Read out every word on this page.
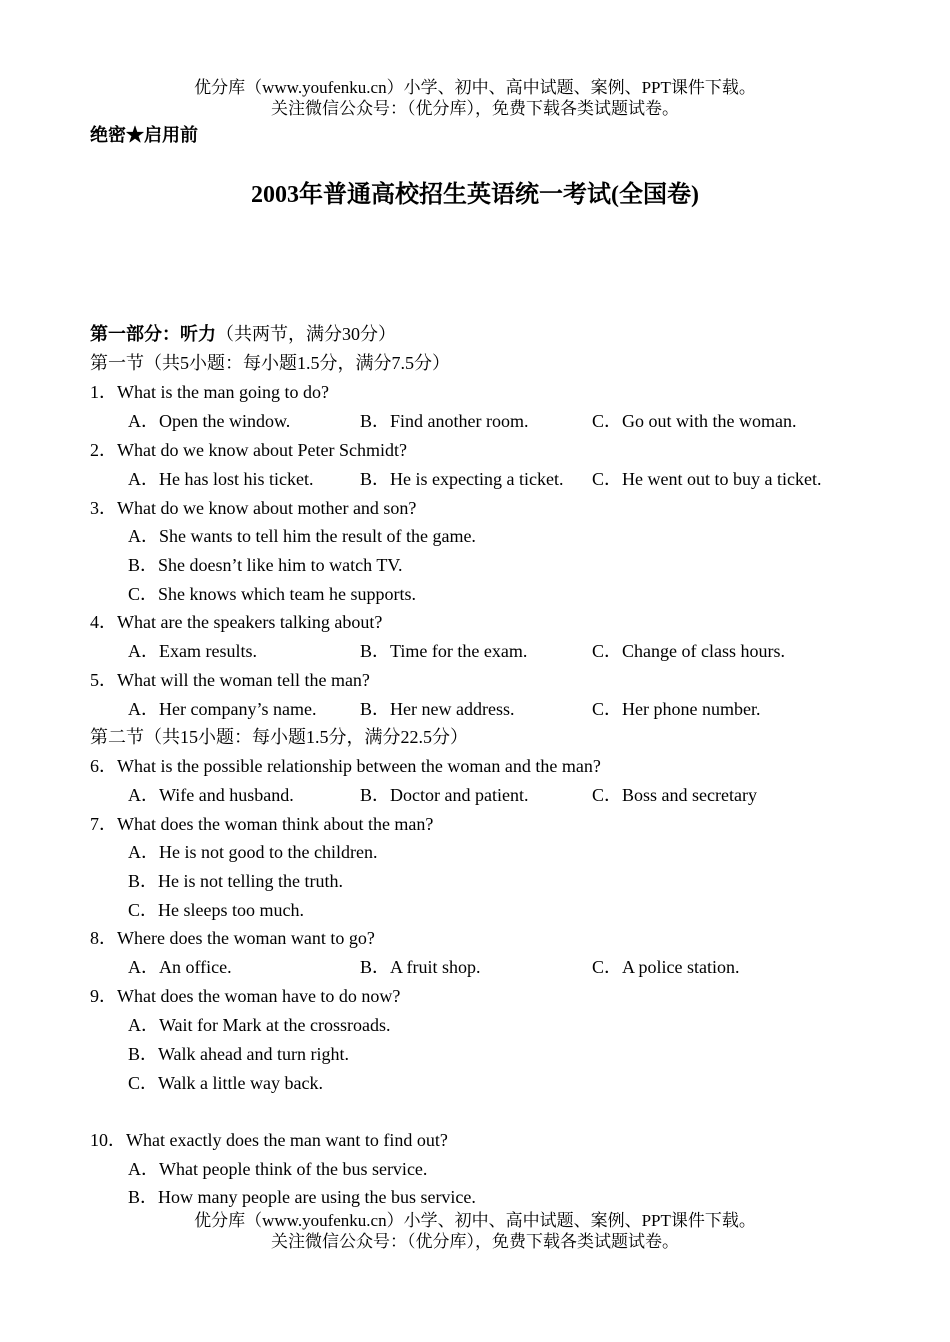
优分库（www.youfenku.cn）小学、初中、高中试题、案例、PPT课件下载。
关注微信公众号：（优分库），免费下载各类试题试卷。
绝密★启用前
2003年普通高校招生英语统一考试(全国卷)
第一部分：听力（共两节，满分30分）
第一节（共5小题：每小题1.5分，满分7.5分）
1．What is the man going to do?
A．Open the window.	B．Find another room.	C．Go out with the woman.
2．What do we know about Peter Schmidt?
A．He has lost his ticket.	B．He is expecting a ticket. C．He went out to buy a ticket.
3．What do we know about mother and son?
A．She wants to tell him the result of the game.
B．She doesn’t like him to watch TV.
C．She knows which team he supports.
4．What are the speakers talking about?
A．Exam results.	B．Time for the exam.	C．Change of class hours.
5．What will the woman tell the man?
A．Her company’s name. B．Her new address.	C．Her phone number.
第二节（共15小题：每小题1.5分，满分22.5分）
6．What is the possible relationship between the woman and the man?
A．Wife and husband.	B．Doctor and patient.	C．Boss and secretary
7．What does the woman think about the man?
A．He is not good to the children.
B．He is not telling the truth.
C．He sleeps too much.
8．Where does the woman want to go?
A．An office.	B．A fruit shop.	C．A police station.
9．What does the woman have to do now?
A．Wait for Mark at the crossroads.
B．Walk ahead and turn right.
C．Walk a little way back.
10．What exactly does the man want to find out?
A．What people think of the bus service.
B．How many people are using the bus service.
优分库（www.youfenku.cn）小学、初中、高中试题、案例、PPT课件下载。
关注微信公众号：（优分库），免费下载各类试题试卷。
